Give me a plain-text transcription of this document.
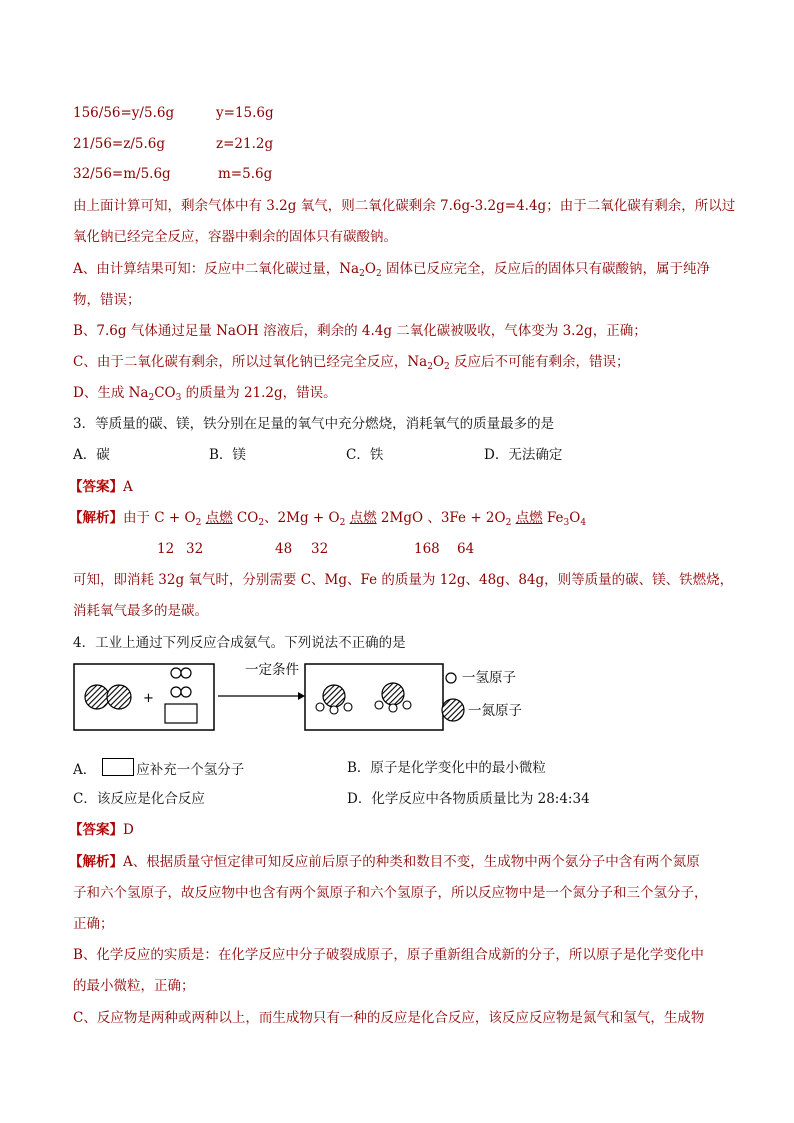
156/56=y/5.6g	y=15.6g
21/56=z/5.6g	z=21.2g
32/56=m/5.6g	m=5.6g
由上面计算可知，剩余气体中有 3.2g 氧气，则二氧化碳剩余 7.6g-3.2g=4.4g；由于二氧化碳有剩余，所以过
氧化钠已经完全反应，容器中剩余的固体只有碳酸钠。
A、由计算结果可知：反应中二氧化碳过量，$Na_2O_2$ 固体已反应完全，反应后的固体只有碳酸钠，属于纯净
物，错误；
B、7.6g 气体通过足量 NaOH 溶液后，剩余的 4.4g 二氧化碳被吸收，气体变为 3.2g，正确；
C、由于二氧化碳有剩余，所以过氧化钠已经完全反应，$Na_2O_2$ 反应后不可能有剩余，错误；
D、生成 $Na_2CO_3$ 的质量为 21.2g，错误。
3．等质量的碳、镁，铁分别在足量的氧气中充分燃烧，消耗氧气的质量最多的是
A．碳	B．镁	C．铁	D．无法确定
【答案】A
【解析】由于 $C + O_2$ 点燃 $CO_2$、$2Mg + O_2$ 点燃 2MgO 、$3Fe + 2O_2$ 点燃 $Fe_3O_4$
12 32	48 32	168 64
可知，即消耗 32g 氧气时，分别需要 C、Mg、Fe 的质量为 12g、48g、84g，则等质量的碳、镁、铁燃烧，
消耗氧气最多的是碳。
4．工业上通过下列反应合成氨气。下列说法不正确的是
+
一定条件	一氢原子
一氮原子
A．	应补充一个氢分子	B．原子是化学变化中的最小微粒
C．该反应是化合反应	D．化学反应中各物质质量比为 28:4:34
【答案】D
【解析】A、根据质量守恒定律可知反应前后原子的种类和数目不变，生成物中两个氨分子中含有两个氮原
子和六个氢原子，故反应物中也含有两个氮原子和六个氢原子，所以反应物中是一个氮分子和三个氢分子，
正确；
B、化学反应的实质是：在化学反应中分子破裂成原子，原子重新组合成新的分子，所以原子是化学变化中
的最小微粒，正确；
C、反应物是两种或两种以上，而生成物只有一种的反应是化合反应，该反应反应物是氮气和氢气，生成物
